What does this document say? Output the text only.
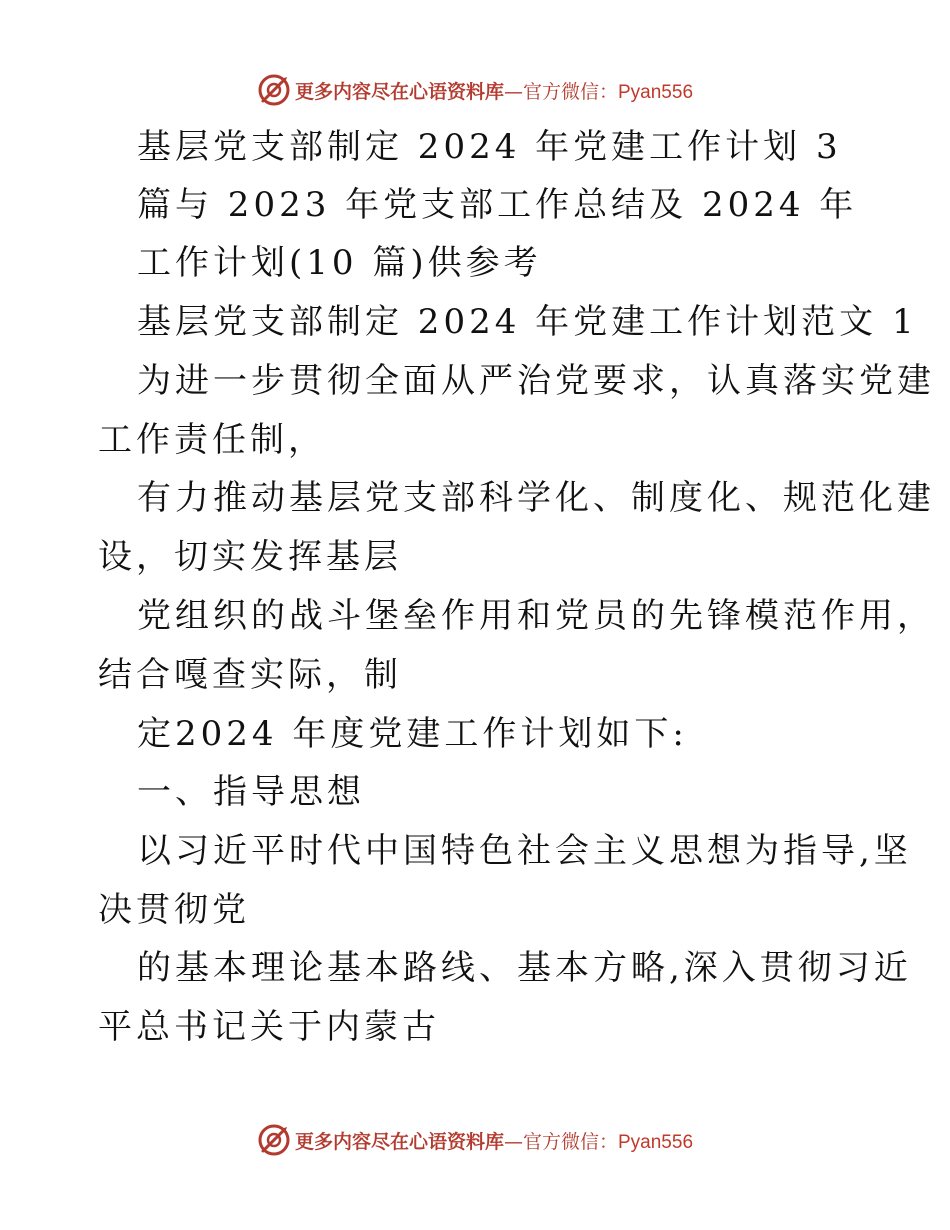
更多内容尽在心语资料库—官方微信：Pyan556
基层党支部制定 2024 年党建工作计划 3
篇与 2023 年党支部工作总结及 2024 年
工作计划(10 篇)供参考
基层党支部制定 2024 年党建工作计划范文 1
为进一步贯彻全面从严治党要求，认真落实党建
工作责任制，
有力推动基层党支部科学化、制度化、规范化建
设，切实发挥基层
党组织的战斗堡垒作用和党员的先锋模范作用，
结合嘎查实际，制
定2024 年度党建工作计划如下:
一、指导思想
以习近平时代中国特色社会主义思想为指导,坚
决贯彻党
的基本理论基本路线、基本方略,深入贯彻习近
平总书记关于内蒙古
更多内容尽在心语资料库—官方微信：Pyan556
